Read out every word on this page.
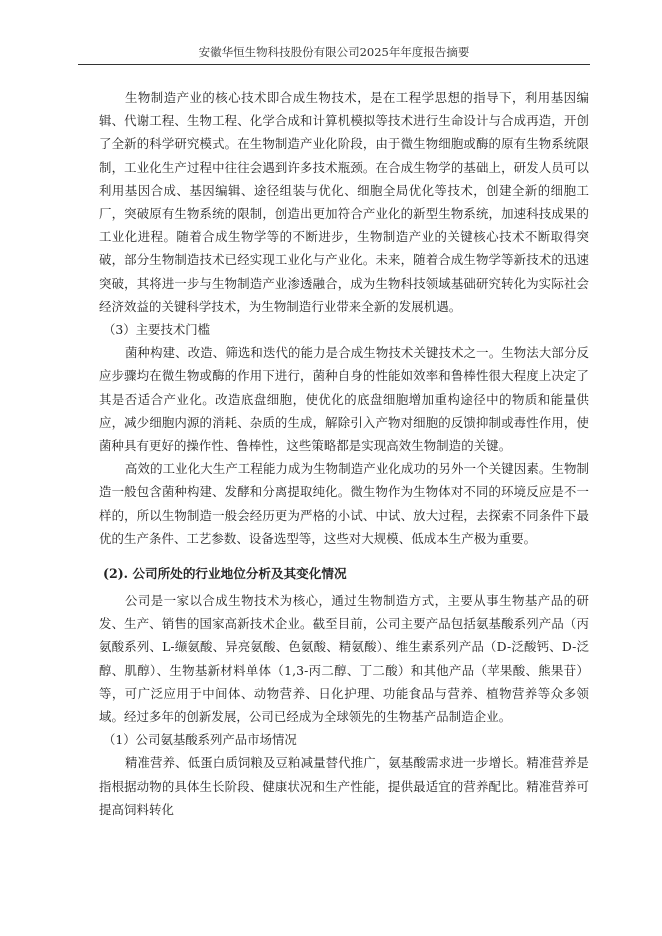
安徽华恒生物科技股份有限公司2025年年度报告摘要

生物制造产业的核心技术即合成生物技术，是在工程学思想的指导下，利用基因编辑、代谢工程、生物工程、化学合成和计算机模拟等技术进行生命设计与合成再造，开创了全新的科学研究模式。在生物制造产业化阶段，由于微生物细胞或酶的原有生物系统限制，工业化生产过程中往往会遇到许多技术瓶颈。在合成生物学的基础上，研发人员可以利用基因合成、基因编辑、途径组装与优化、细胞全局优化等技术，创建全新的细胞工厂，突破原有生物系统的限制，创造出更加符合产业化的新型生物系统，加速科技成果的工业化进程。随着合成生物学等的不断进步，生物制造产业的关键核心技术不断取得突破，部分生物制造技术已经实现工业化与产业化。未来，随着合成生物学等新技术的迅速突破，其将进一步与生物制造产业渗透融合，成为生物科技领域基础研究转化为实际社会经济效益的关键科学技术，为生物制造行业带来全新的发展机遇。

（3）主要技术门槛

菌种构建、改造、筛选和迭代的能力是合成生物技术关键技术之一。生物法大部分反应步骤均在微生物或酶的作用下进行，菌种自身的性能如效率和鲁棒性很大程度上决定了其是否适合产业化。改造底盘细胞，使优化的底盘细胞增加重构途径中的物质和能量供应，减少细胞内源的消耗、杂质的生成，解除引入产物对细胞的反馈抑制或毒性作用，使菌种具有更好的操作性、鲁棒性，这些策略都是实现高效生物制造的关键。

高效的工业化大生产工程能力成为生物制造产业化成功的另外一个关键因素。生物制造一般包含菌种构建、发酵和分离提取纯化。微生物作为生物体对不同的环境反应是不一样的，所以生物制造一般会经历更为严格的小试、中试、放大过程，去探索不同条件下最优的生产条件、工艺参数、设备选型等，这些对大规模、低成本生产极为重要。

(2). 公司所处的行业地位分析及其变化情况

公司是一家以合成生物技术为核心，通过生物制造方式，主要从事生物基产品的研发、生产、销售的国家高新技术企业。截至目前，公司主要产品包括氨基酸系列产品（丙氨酸系列、L-缬氨酸、异亮氨酸、色氨酸、精氨酸）、维生素系列产品（D-泛酸钙、D-泛醇、肌醇）、生物基新材料单体（1,3-丙二醇、丁二酸）和其他产品（苹果酸、熊果苷）等，可广泛应用于中间体、动物营养、日化护理、功能食品与营养、植物营养等众多领域。经过多年的创新发展，公司已经成为全球领先的生物基产品制造企业。

（1）公司氨基酸系列产品市场情况

精准营养、低蛋白质饲粮及豆粕减量替代推广，氨基酸需求进一步增长。精准营养是指根据动物的具体生长阶段、健康状况和生产性能，提供最适宜的营养配比。精准营养可提高饲料转化
